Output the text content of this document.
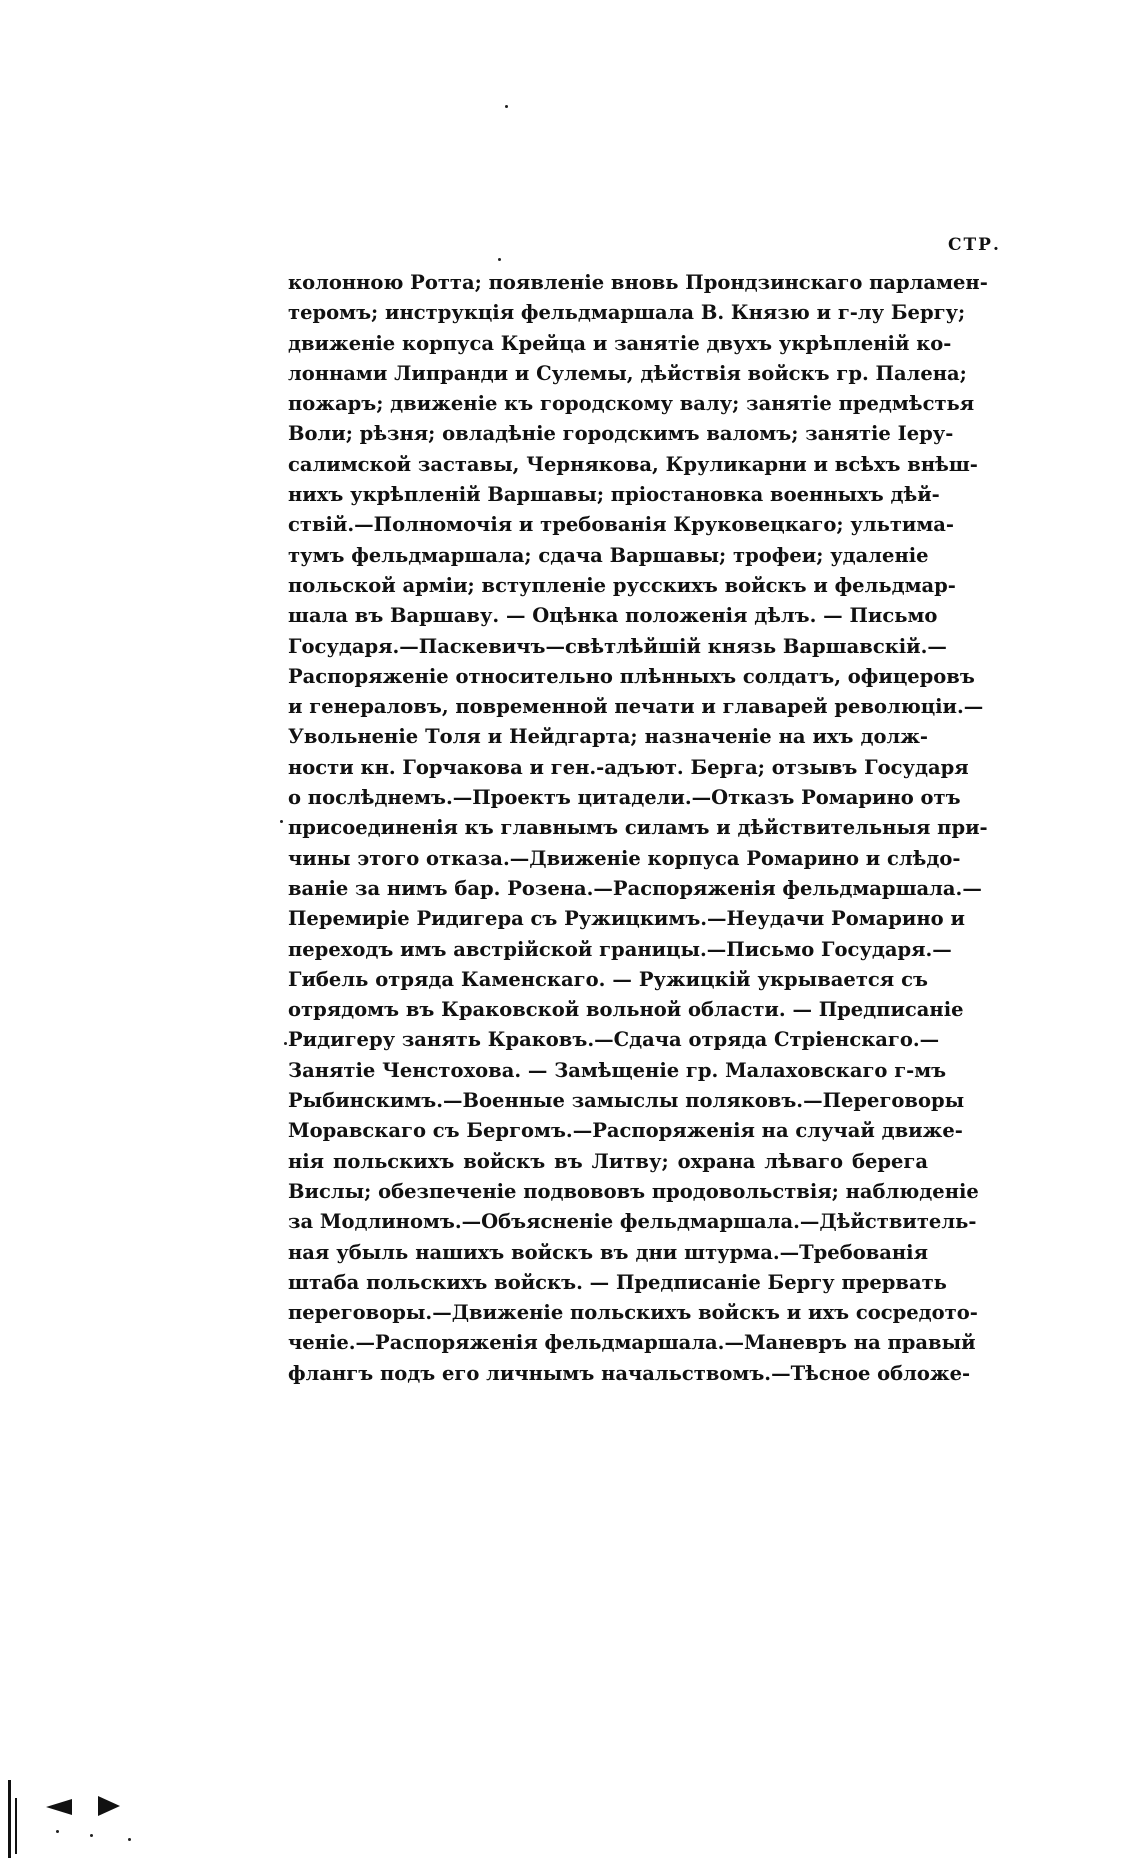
СТР.
колонною Ротта; появленіе вновь Прондзинскаго парламен-
теромъ; инструкція фельдмаршала В. Князю и г-лу Бергу;
движеніе корпуса Крейца и занятіе двухъ укрѣпленій ко-
лоннами Липранди и Сулемы, дѣйствія войскъ гр. Палена;
пожаръ; движеніе къ городскому валу; занятіе предмѣстья
Воли; рѣзня; овладѣніе городскимъ валомъ; занятіе Іеру-
салимской заставы, Чернякова, Круликарни и всѣхъ внѣш-
нихъ укрѣпленій Варшавы; пріостановка военныхъ дѣй-
ствій.—Полномочія и требованія Круковецкаго; ультима-
тумъ фельдмаршала; сдача Варшавы; трофеи; удаленіе
польской арміи; вступленіе русскихъ войскъ и фельдмар-
шала въ Варшаву. — Оцѣнка положенія дѣлъ. — Письмо
Государя.—Паскевичъ—свѣтлѣйшій князь Варшавскій.—
Распоряженіе относительно плѣнныхъ солдатъ, офицеровъ
и генераловъ, повременной печати и главарей революціи.—
Увольненіе Толя и Нейдгарта; назначеніе на ихъ долж-
ности кн. Горчакова и ген.-адъют. Берга; отзывъ Государя
о послѣднемъ.—Проектъ цитадели.—Отказъ Ромарино отъ
присоединенія къ главнымъ силамъ и дѣйствительныя при-
чины этого отказа.—Движеніе корпуса Ромарино и слѣдо-
ваніе за нимъ бар. Розена.—Распоряженія фельдмаршала.—
Перемиріе Ридигера съ Ружицкимъ.—Неудачи Ромарино и
переходъ имъ австрійской границы.—Письмо Государя.—
Гибель отряда Каменскаго. — Ружицкій укрывается съ
отрядомъ въ Краковской вольной области. — Предписаніе
Ридигеру занять Краковъ.—Сдача отряда Стріенскаго.—
Занятіе Ченстохова. — Замѣщеніе гр. Малаховскаго г-мъ
Рыбинскимъ.—Военные замыслы поляковъ.—Переговоры
Моравскаго съ Бергомъ.—Распоряженія на случай движе-
нія польскихъ войскъ въ Литву; охрана лѣваго берега
Вислы; обезпеченіе подвововъ продовольствія; наблюденіе
за Модлиномъ.—Объясненіе фельдмаршала.—Дѣйствитель-
ная убыль нашихъ войскъ въ дни штурма.—Требованія
штаба польскихъ войскъ. — Предписаніе Бергу прервать
переговоры.—Движеніе польскихъ войскъ и ихъ сосредото-
ченіе.—Распоряженія фельдмаршала.—Маневръ на правый
флангъ подъ его личнымъ начальствомъ.—Тѣсное обложе-
